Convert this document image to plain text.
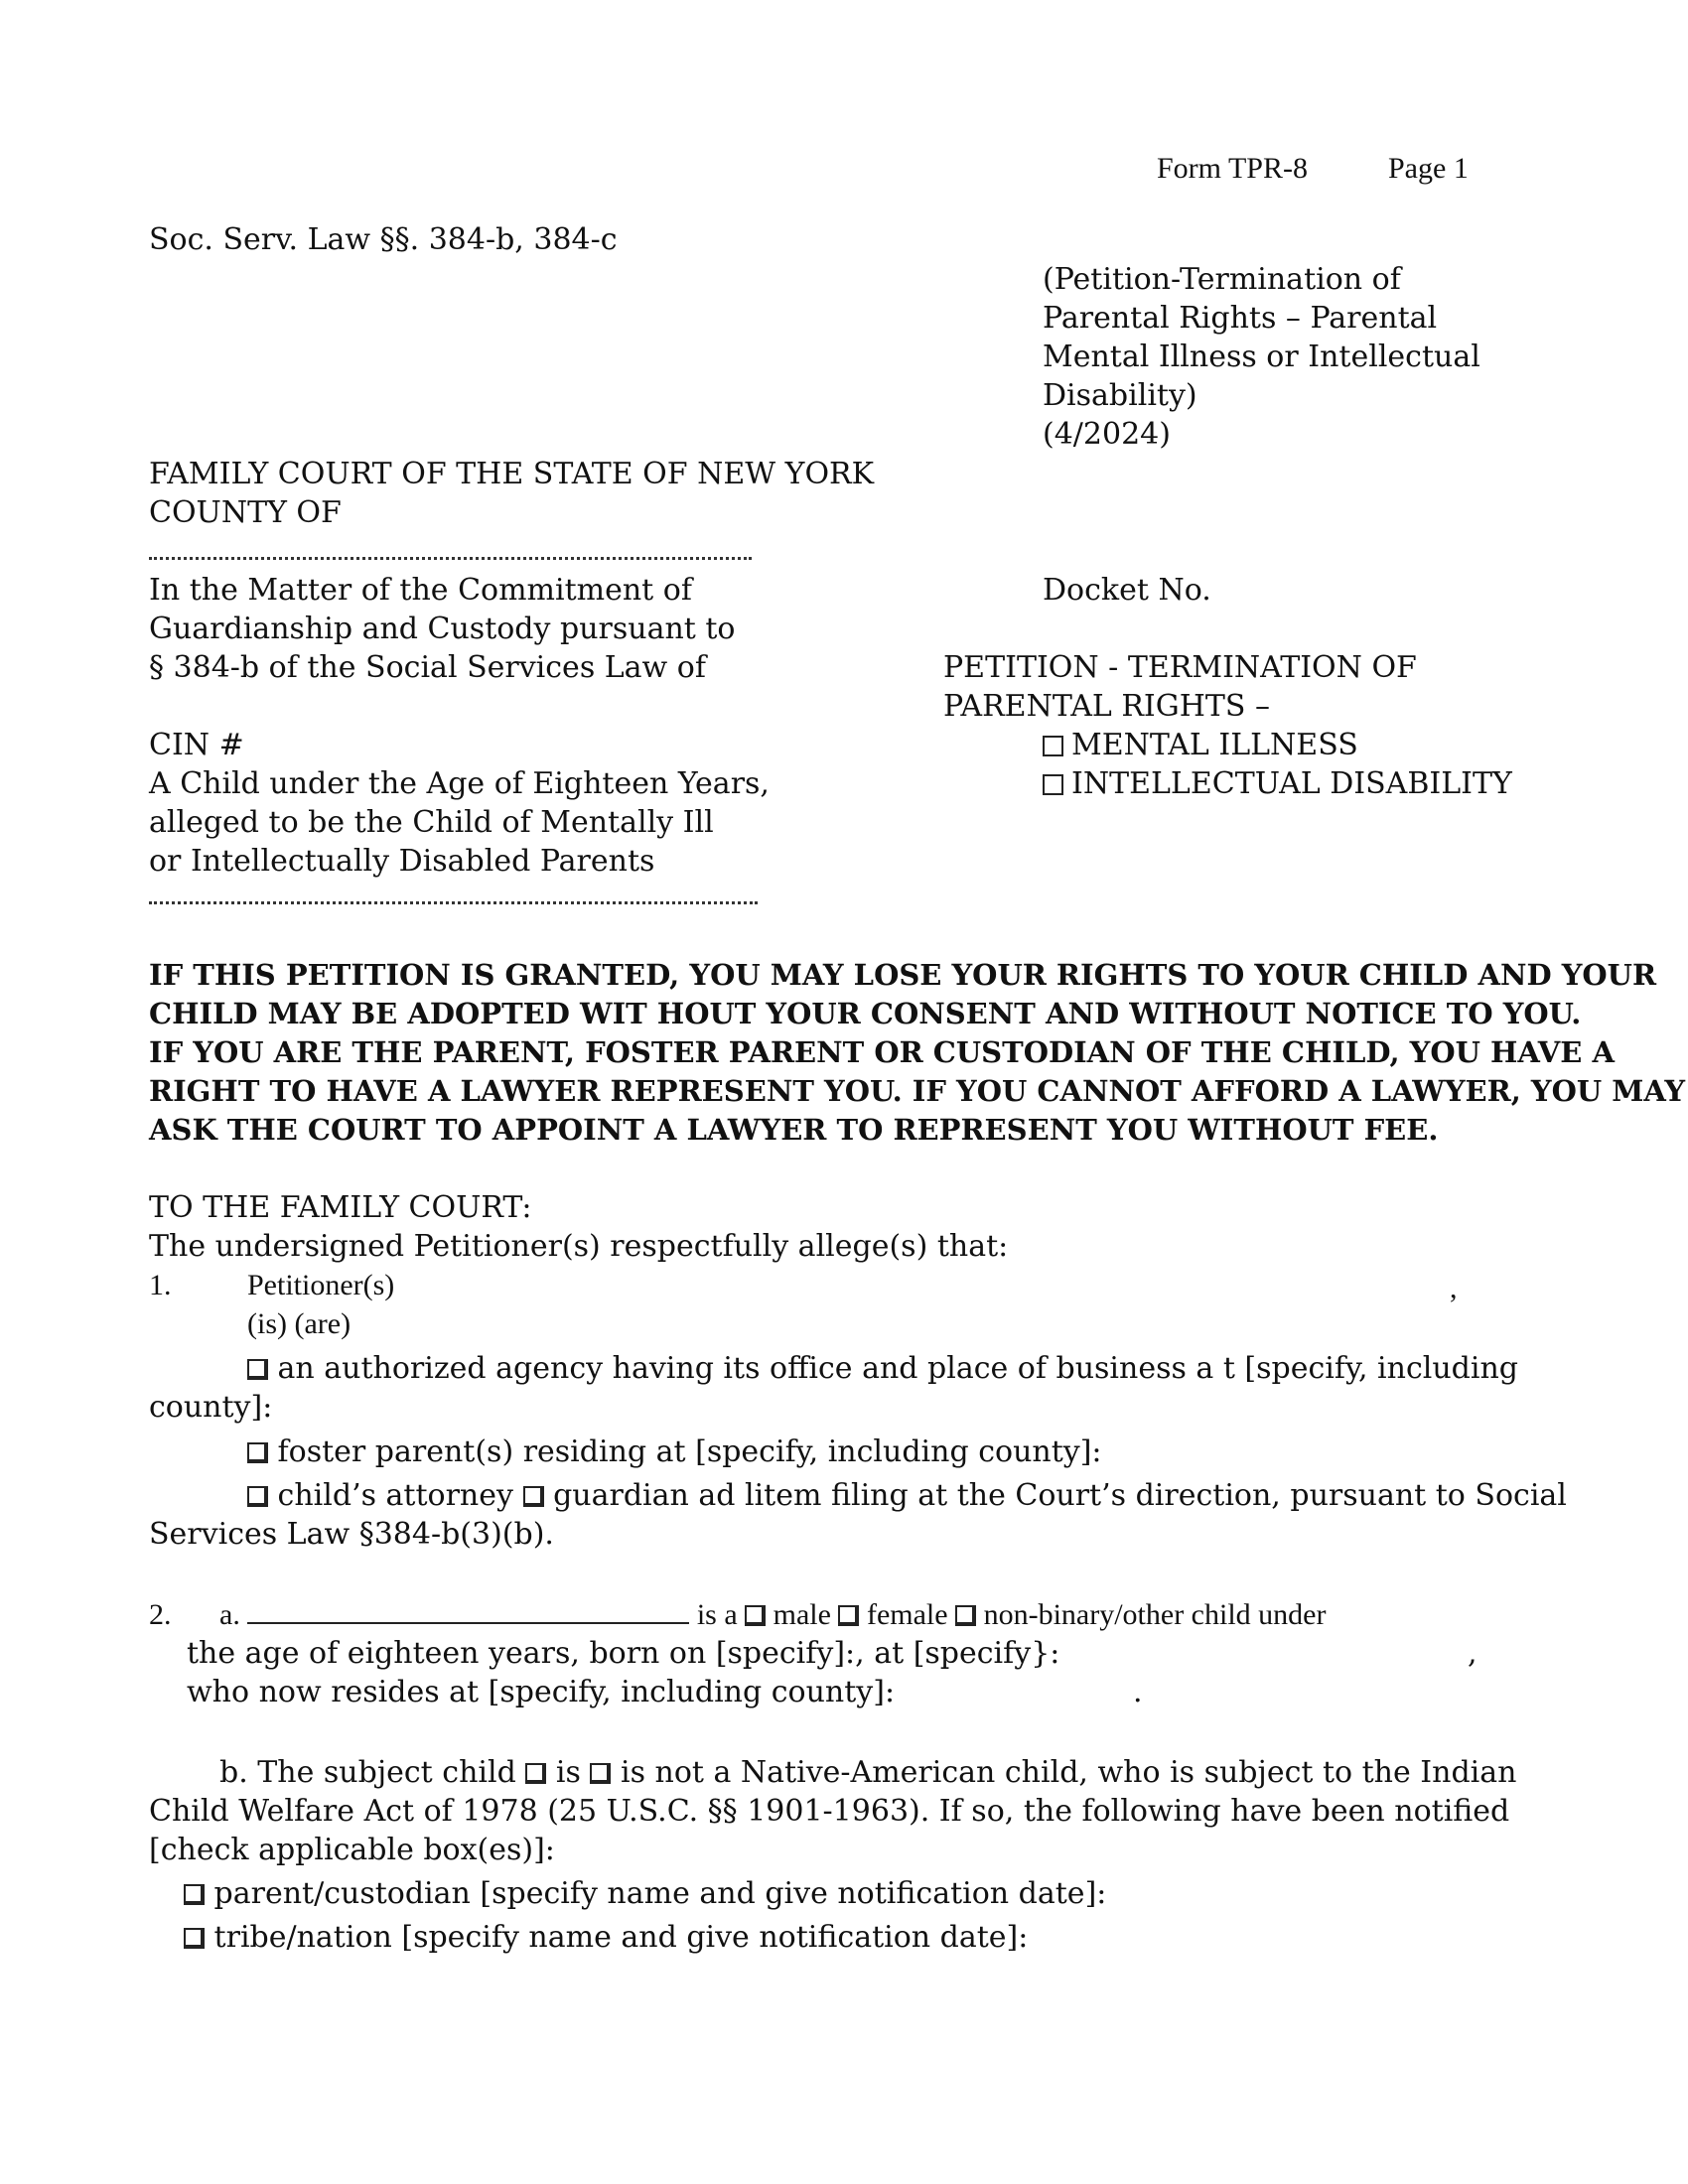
Form TPR-8	Page 1
Soc. Serv. Law §§. 384-b, 384-c
(Petition-Termination of
Parental Rights – Parental
Mental Illness or Intellectual
Disability)
(4/2024)
FAMILY COURT OF THE STATE OF NEW YORK
COUNTY OF
In the Matter of the Commitment of
Guardianship and Custody pursuant to
§ 384-b of the Social Services Law of
Docket No.
PETITION - TERMINATION OF
PARENTAL RIGHTS –
CIN #	MENTAL ILLNESS
INTELLECTUAL DISABILITY
A Child under the Age of Eighteen Years,
alleged to be the Child of Mentally Ill
or Intellectually Disabled Parents
IF THIS PETITION IS GRANTED, YOU MAY LOSE YOUR RIGHTS TO YOUR CHILD AND YOUR
CHILD MAY BE ADOPTED WIT HOUT YOUR CONSENT AND WITHOUT NOTICE TO YOU.
IF YOU ARE THE PARENT, FOSTER PARENT OR CUSTODIAN OF THE CHILD, YOU HAVE A
RIGHT TO HAVE A LAWYER REPRESENT YOU. IF YOU CANNOT AFFORD A LAWYER, YOU MAY
ASK THE COURT TO APPOINT A LAWYER TO REPRESENT YOU WITHOUT FEE.
TO THE FAMILY COURT:
The undersigned Petitioner(s) respectfully allege(s) that:
1.	Petitioner(s)	,
(is) (are)
an authorized agency having its office and place of business a t [specify, including
county]:
foster parent(s) residing at [specify, including county]:
child’s attorney guardian ad litem filing at the Court’s direction, pursuant to Social
Services Law §384-b(3)(b).
2. a.	is a male female non-binary/other child under
the age of eighteen years, born on [specify]:, at [specify}:	,
who now resides at [specify, including county]:	.
b. The subject child is is not a Native-American child, who is subject to the Indian
Child Welfare Act of 1978 (25 U.S.C. §§ 1901-1963). If so, the following have been notified
[check applicable box(es)]:
parent/custodian [specify name and give notification date]:
tribe/nation [specify name and give notification date]:
